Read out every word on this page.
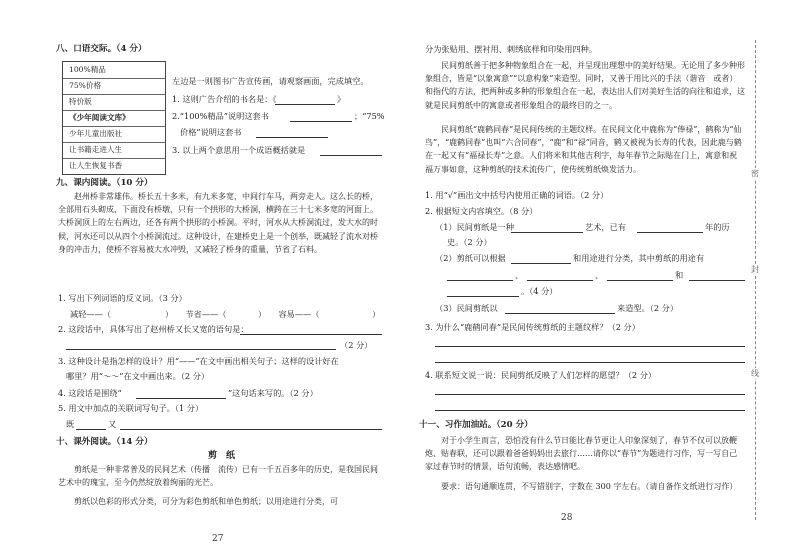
八、口语交际。（4 分）
100%精品
75%价格
特价版
《少年阅读文库》
少年儿童出版社
让书籍走进人生
让人生恢复书香
左边是一则图书广告宣传画，请观察画面，完成填空。
1. 这则广告介绍的书名是：《	》
2.“100%精品”说明这套书	；“75%
价格”说明这套书
3. 以上两个意思用一个成语概括就是
九、课内阅读。（10 分）
赵州桥非常雄伟。桥长五十多米，有九米多宽，中间行车马，两旁走人。这么长的桥，全部用石头砌成，下面没有桥墩，只有一个拱形的大桥洞，横跨在三十七米多宽的河面上。大桥洞顶上的左右两边，还各有两个拱形的小桥洞。平时，河水从大桥洞流过，发大水的时候，河水还可以从四个小桥洞流过。这种设计，在建桥史上是一个创举，既减轻了流水对桥身的冲击力，使桥不容易被大水冲毁，又减轻了桥身的重量，节省了石料。
1. 写出下列词语的反义词。（3 分）
减轻——（	）　　节省——（	）　　容易——（	）
2. 这段话中，具体写出了赵州桥又长又宽的语句是：
（2 分）
3. 这种设计是指怎样的设计？用“——”在文中画出相关句子；这样的设计好在
哪里？用“～～”在文中画出来。（2 分）
4. 这段话是围绕“	”这句话来写的。（2 分）
5. 用文中加点的关联词写句子。（1 分）
既	又
十、课外阅读。（14 分）
剪　纸
剪纸是一种非常普及的民间艺术（传播　流传）已有一千五百多年的历史，是我国民间艺术中的瑰宝，至今仍然绽放着绚丽的光芒。
剪纸以色彩的形式分类，可分为彩色剪纸和单色剪纸；以用途进行分类，可
27
分为张贴用、摆衬用、刺绣底样和印染用四种。
民间剪纸善于把多种物象组合在一起，并呈现出理想中的美好结果。无论用了多少种形象组合，皆是“以象寓意”“以意构象”来造型。同时，又善于用比兴的手法（谐音　或者）和指代的方法，把两种或多种的形象组合在一起，表达出人们对美好生活的向往和追求，这就是民间剪纸中的寓意或者形象组合的最终目的之一。
民间剪纸“鹿鹤同春”是民间传统的主题纹样。在民间文化中鹿称为“俸禄”，鹤称为“仙鸟”，“鹿鹤同春”也叫“六合同春”，“鹿”和“禄”同音，鹤又被视为长寿的代表，因此鹿与鹤在一起又有“福禄长寿”之意。人们将米和其他吉利字，每年春节之际贴在门上，寓意和祝福万事如意，这种剪纸的技术流传广，使传统剪纸焕发活力。
1. 用“√”画出文中括号内使用正确的词语。（2 分）
2. 根据短文内容填空。（8 分）
（1）民间剪纸是一种	艺术，已有	年的历
史。（2 分）
（2）剪纸可以根据	和用途进行分类，其中剪纸的用途有
、	、	和
。（4 分）
（3）民间剪纸以	来造型。（2 分）
3. 为什么“鹿鹤同春”是民间传统剪纸的主题纹样？（2 分）
4. 联系短文说一说：民间剪纸反映了人们怎样的愿望？（2 分）
十一、习作加油站。（20 分）
对于小学生而言，恐怕没有什么节日能比春节更让人印象深刻了，春节不仅可以放鞭炮、贴春联，还可以跟着爸爸妈妈出去旅行……请你以“春节”为题进行习作，写一写自己家过春节时的情景，语句流畅，表达感情吧。
要求：语句通顺连贯，不写错别字，字数在 300 字左右。（请自备作文纸进行习作）
28
密
封
线
